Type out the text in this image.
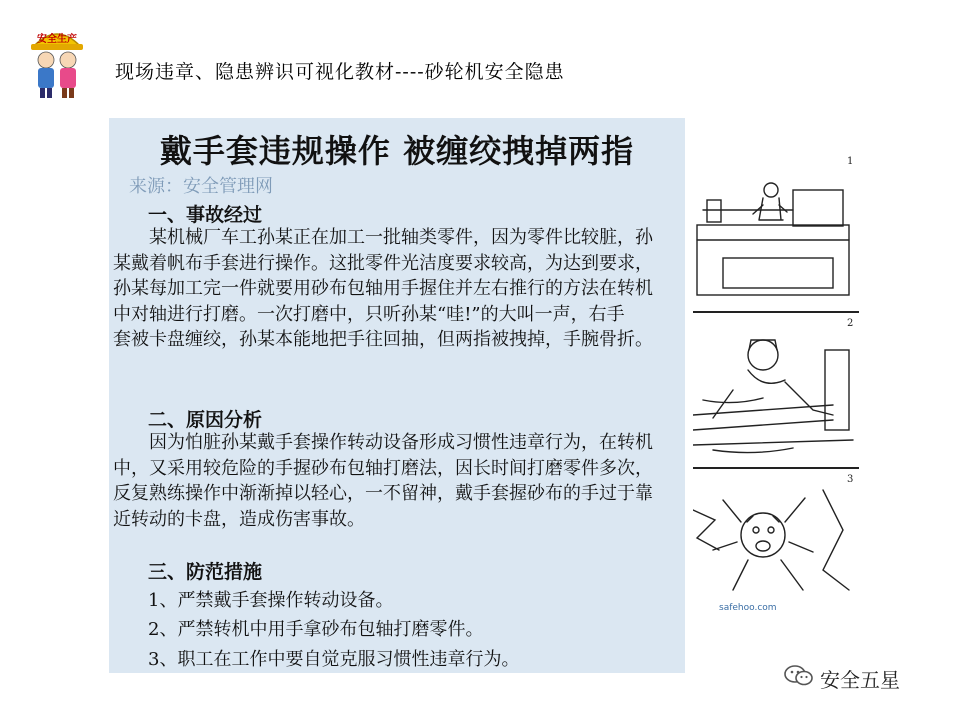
安全生产
现场违章、隐患辨识可视化教材----砂轮机安全隐患
戴手套违规操作 被缠绞拽掉两指
来源：安全管理网
一、事故经过

　　某机械厂车工孙某正在加工一批轴类零件，因为零件比较脏，孙

某戴着帆布手套进行操作。这批零件光洁度要求较高，为达到要求，

孙某每加工完一件就要用砂布包轴用手握住并左右推行的方法在转机

中对轴进行打磨。一次打磨中，只听孙某“哇!”的大叫一声，右手

套被卡盘缠绞，孙某本能地把手往回抽，但两指被拽掉，手腕骨折。

二、原因分析

　　因为怕脏孙某戴手套操作转动设备形成习惯性违章行为，在转机

中，又采用较危险的手握砂布包轴打磨法，因长时间打磨零件多次，

反复熟练操作中渐渐掉以轻心，一不留神，戴手套握砂布的手过于靠

近转动的卡盘，造成伤害事故。

三、防范措施
1、严禁戴手套操作转动设备。
2、严禁转机中用手拿砂布包轴打磨零件。
3、职工在工作中要自觉克服习惯性违章行为。
1
2
3
safehoo.com
安全五星
